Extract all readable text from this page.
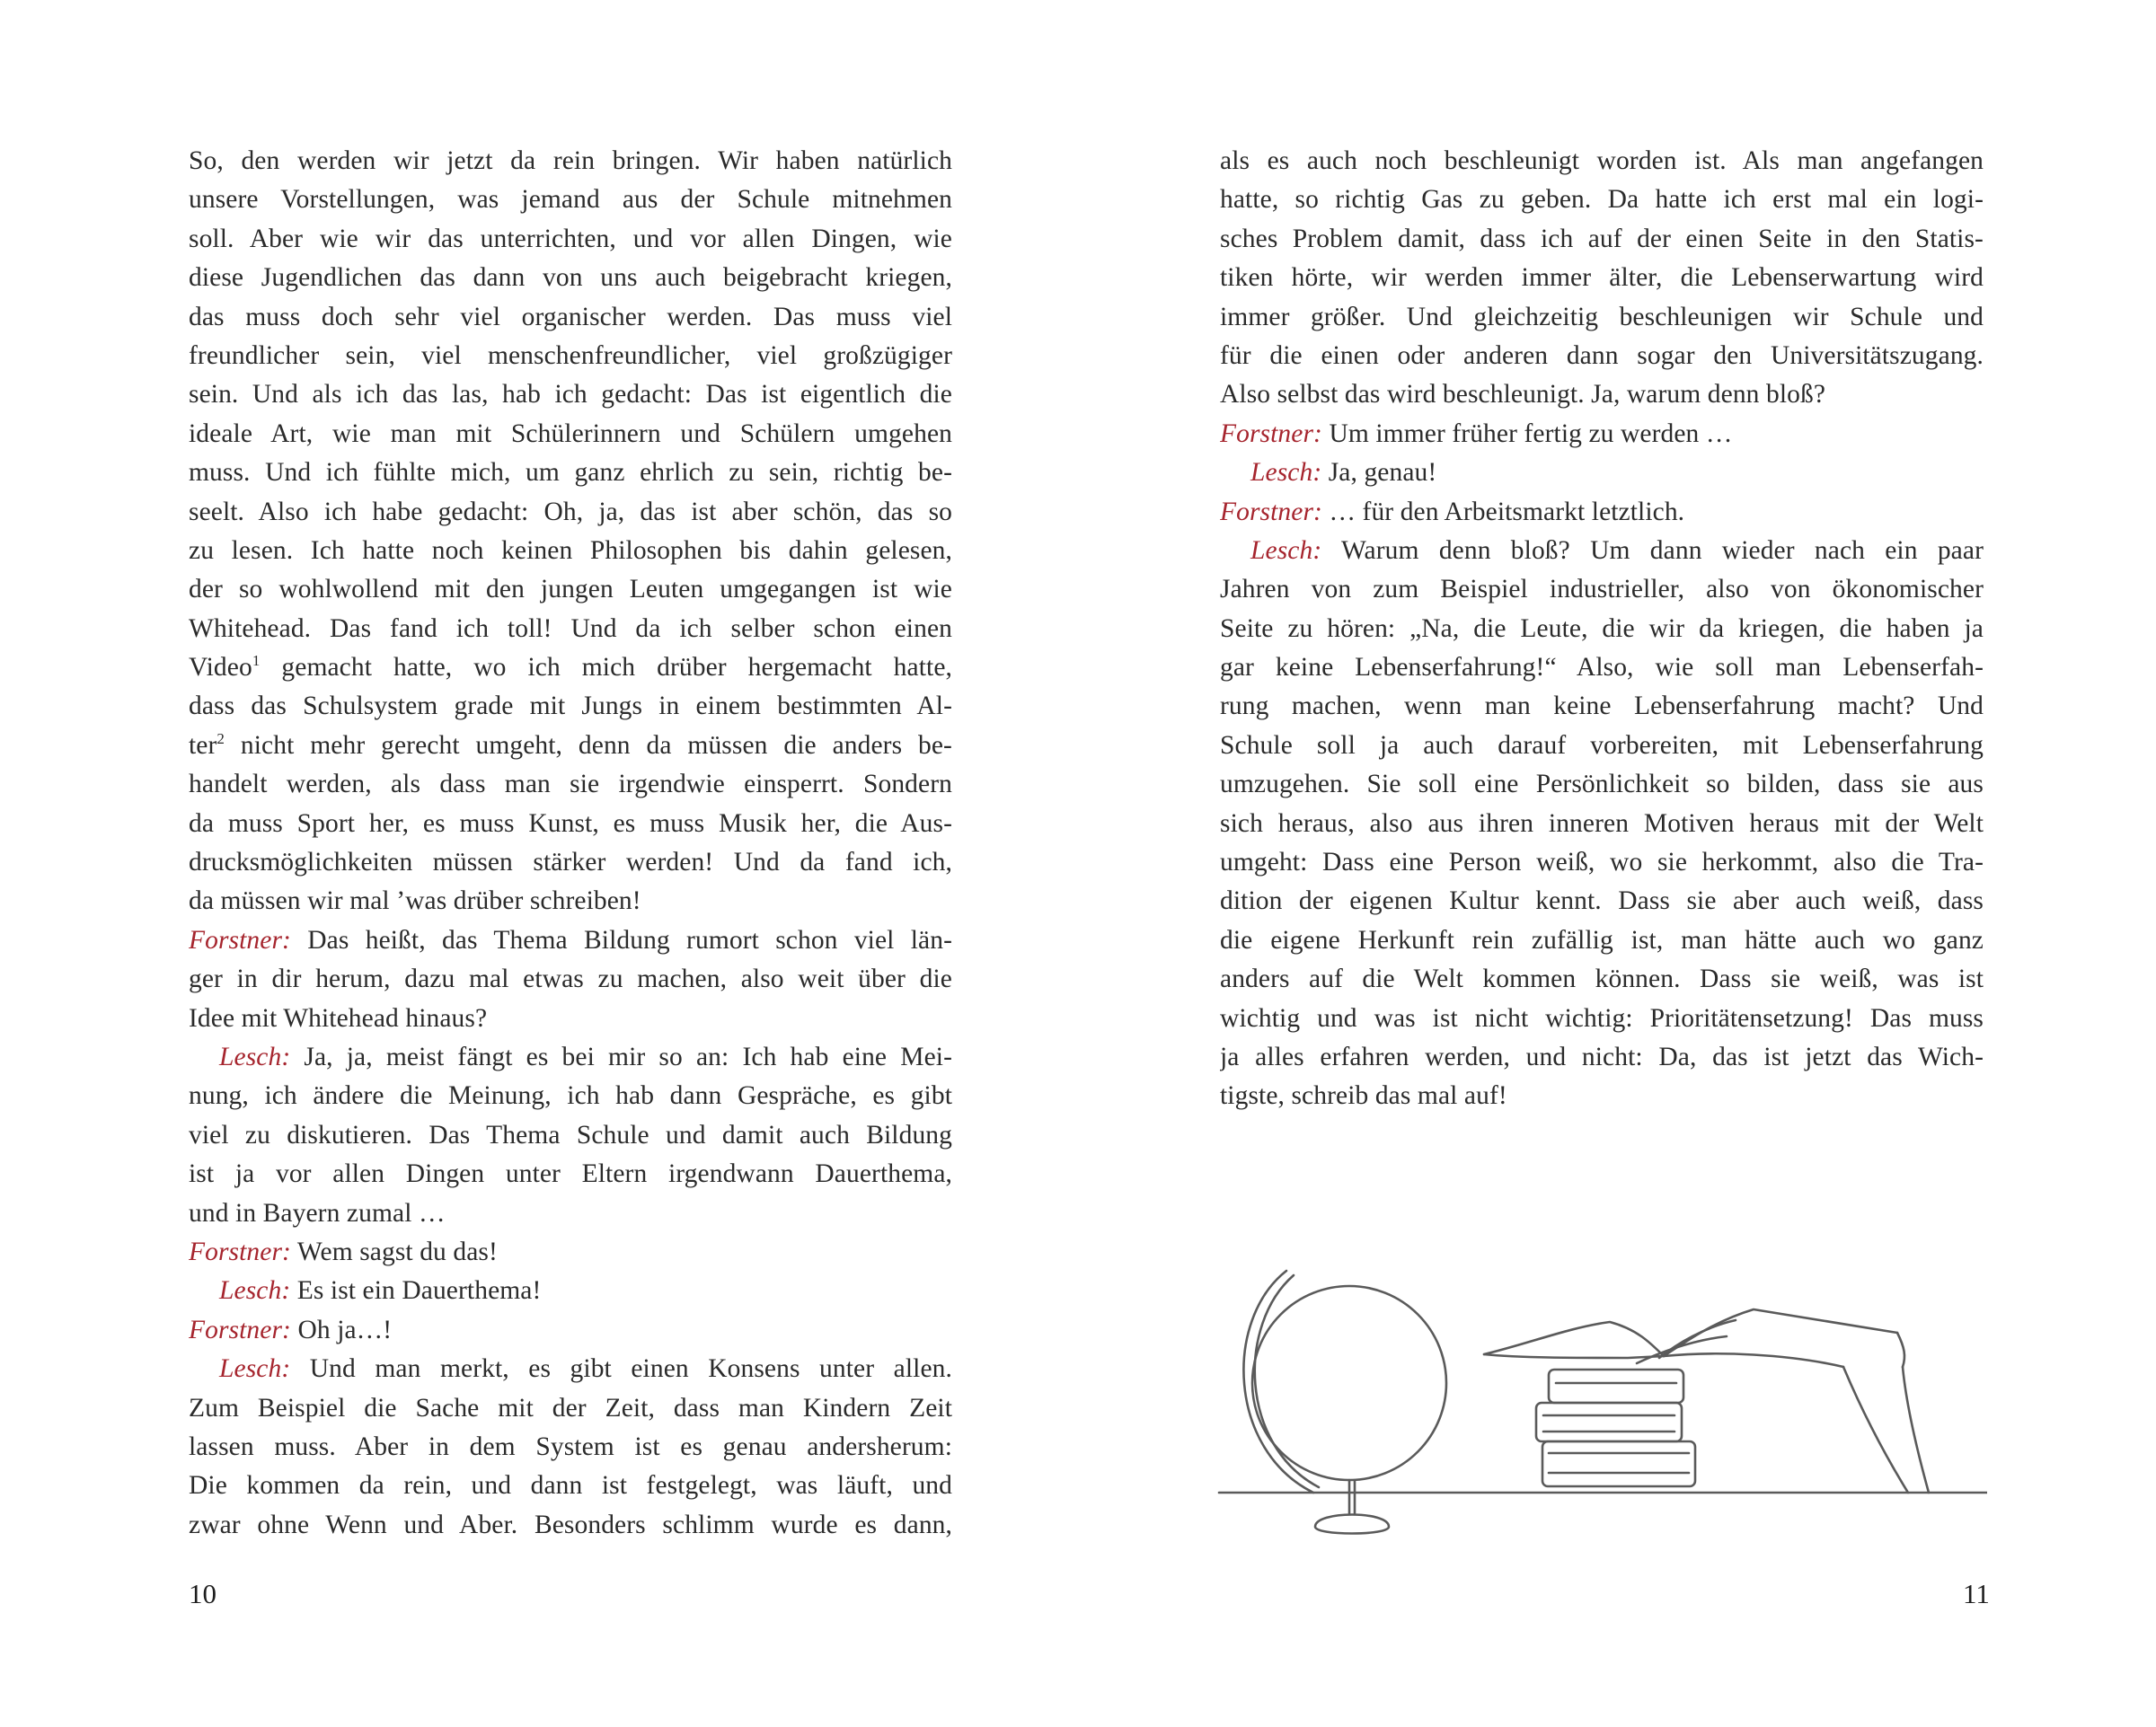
So, den werden wir jetzt da rein bringen. Wir haben natürlich
unsere Vorstellungen, was jemand aus der Schule mitnehmen
soll. Aber wie wir das unterrichten, und vor allen Dingen, wie
diese Jugendlichen das dann von uns auch beigebracht kriegen,
das muss doch sehr viel organischer werden. Das muss viel
freundlicher sein, viel menschenfreundlicher, viel großzügiger
sein. Und als ich das las, hab ich gedacht: Das ist eigentlich die
ideale Art, wie man mit Schülerinnern und Schülern umgehen
muss. Und ich fühlte mich, um ganz ehrlich zu sein, richtig be-
seelt. Also ich habe gedacht: Oh, ja, das ist aber schön, das so
zu lesen. Ich hatte noch keinen Philosophen bis dahin gelesen,
der so wohlwollend mit den jungen Leuten umgegangen ist wie
Whitehead. Das fand ich toll! Und da ich selber schon einen
Video$^1$ gemacht hatte, wo ich mich drüber hergemacht hatte,
dass das Schulsystem grade mit Jungs in einem bestimmten Al-
ter$^2$ nicht mehr gerecht umgeht, denn da müssen die anders be-
handelt werden, als dass man sie irgendwie einsperrt. Sondern
da muss Sport her, es muss Kunst, es muss Musik her, die Aus-
drucksmöglichkeiten müssen stärker werden! Und da fand ich,
da müssen wir mal ’was drüber schreiben!
Forstner: Das heißt, das Thema Bildung rumort schon viel län-
ger in dir herum, dazu mal etwas zu machen, also weit über die
Idee mit Whitehead hinaus?
Lesch: Ja, ja, meist fängt es bei mir so an: Ich hab eine Mei-
nung, ich ändere die Meinung, ich hab dann Gespräche, es gibt
viel zu diskutieren. Das Thema Schule und damit auch Bildung
ist ja vor allen Dingen unter Eltern irgendwann Dauerthema,
und in Bayern zumal …
Forstner: Wem sagst du das!
Lesch: Es ist ein Dauerthema!
Forstner: Oh ja…!
Lesch: Und man merkt, es gibt einen Konsens unter allen.
Zum Beispiel die Sache mit der Zeit, dass man Kindern Zeit
lassen muss. Aber in dem System ist es genau andersherum:
Die kommen da rein, und dann ist festgelegt, was läuft, und
zwar ohne Wenn und Aber. Besonders schlimm wurde es dann,
10
als es auch noch beschleunigt worden ist. Als man angefangen
hatte, so richtig Gas zu geben. Da hatte ich erst mal ein logi-
sches Problem damit, dass ich auf der einen Seite in den Statis-
tiken hörte, wir werden immer älter, die Lebenserwartung wird
immer größer. Und gleichzeitig beschleunigen wir Schule und
für die einen oder anderen dann sogar den Universitätszugang.
Also selbst das wird beschleunigt. Ja, warum denn bloß?
Forstner: Um immer früher fertig zu werden …
Lesch: Ja, genau!
Forstner: … für den Arbeitsmarkt letztlich.
Lesch: Warum denn bloß? Um dann wieder nach ein paar
Jahren von zum Beispiel industrieller, also von ökonomischer
Seite zu hören: „Na, die Leute, die wir da kriegen, die haben ja
gar keine Lebenserfahrung!“ Also, wie soll man Lebenserfah-
rung machen, wenn man keine Lebenserfahrung macht? Und
Schule soll ja auch darauf vorbereiten, mit Lebenserfahrung
umzugehen. Sie soll eine Persönlichkeit so bilden, dass sie aus
sich heraus, also aus ihren inneren Motiven heraus mit der Welt
umgeht: Dass eine Person weiß, wo sie herkommt, also die Tra-
dition der eigenen Kultur kennt. Dass sie aber auch weiß, dass
die eigene Herkunft rein zufällig ist, man hätte auch wo ganz
anders auf die Welt kommen können. Dass sie weiß, was ist
wichtig und was ist nicht wichtig: Prioritätensetzung! Das muss
ja alles erfahren werden, und nicht: Da, das ist jetzt das Wich-
tigste, schreib das mal auf!
11
